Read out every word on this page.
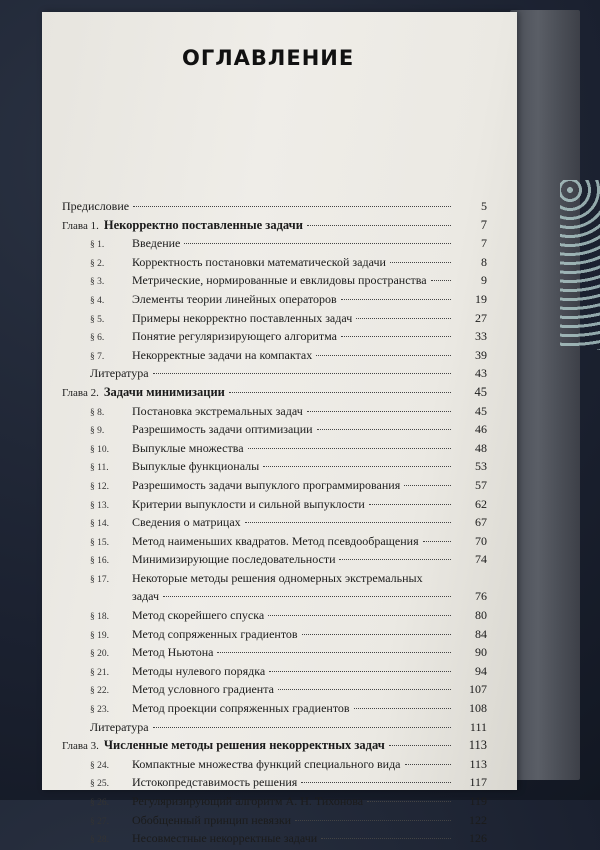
ОГЛАВЛЕНИЕ
Предисловие	5
Глава 1. Некорректно поставленные задачи	7
§ 1.	Введение	7
§ 2.	Корректность постановки математической задачи	8
§ 3.	Метрические, нормированные и евклидовы пространства	9
§ 4.	Элементы теории линейных операторов	19
§ 5.	Примеры некорректно поставленных задач	27
§ 6.	Понятие регуляризирующего алгоритма	33
§ 7.	Некорректные задачи на компактах	39
Литература	43
Глава 2. Задачи минимизации	45
§ 8.	Постановка экстремальных задач	45
§ 9.	Разрешимость задачи оптимизации	46
§ 10.	Выпуклые множества	48
§ 11.	Выпуклые функционалы	53
§ 12.	Разрешимость задачи выпуклого программирования	57
§ 13.	Критерии выпуклости и сильной выпуклости	62
§ 14.	Сведения о матрицах	67
§ 15.	Метод наименьших квадратов. Метод псевдообращения	70
§ 16.	Минимизирующие последовательности	74
§ 17.	Некоторые методы решения одномерных экстремальных
задач	76
§ 18.	Метод скорейшего спуска	80
§ 19.	Метод сопряженных градиентов	84
§ 20.	Метод Ньютона	90
§ 21.	Методы нулевого порядка	94
§ 22.	Метод условного градиента	107
§ 23.	Метод проекции сопряженных градиентов	108
Литература	111
Глава 3. Численные методы решения некорректных задач	113
§ 24.	Компактные множества функций специального вида	113
§ 25.	Истокопредставимость решения	117
§ 26.	Регуляризирующий алгоритм А. Н. Тихонова	119
§ 27.	Обобщенный принцип невязки	122
§ 28.	Несовместные некорректные задачи	126
